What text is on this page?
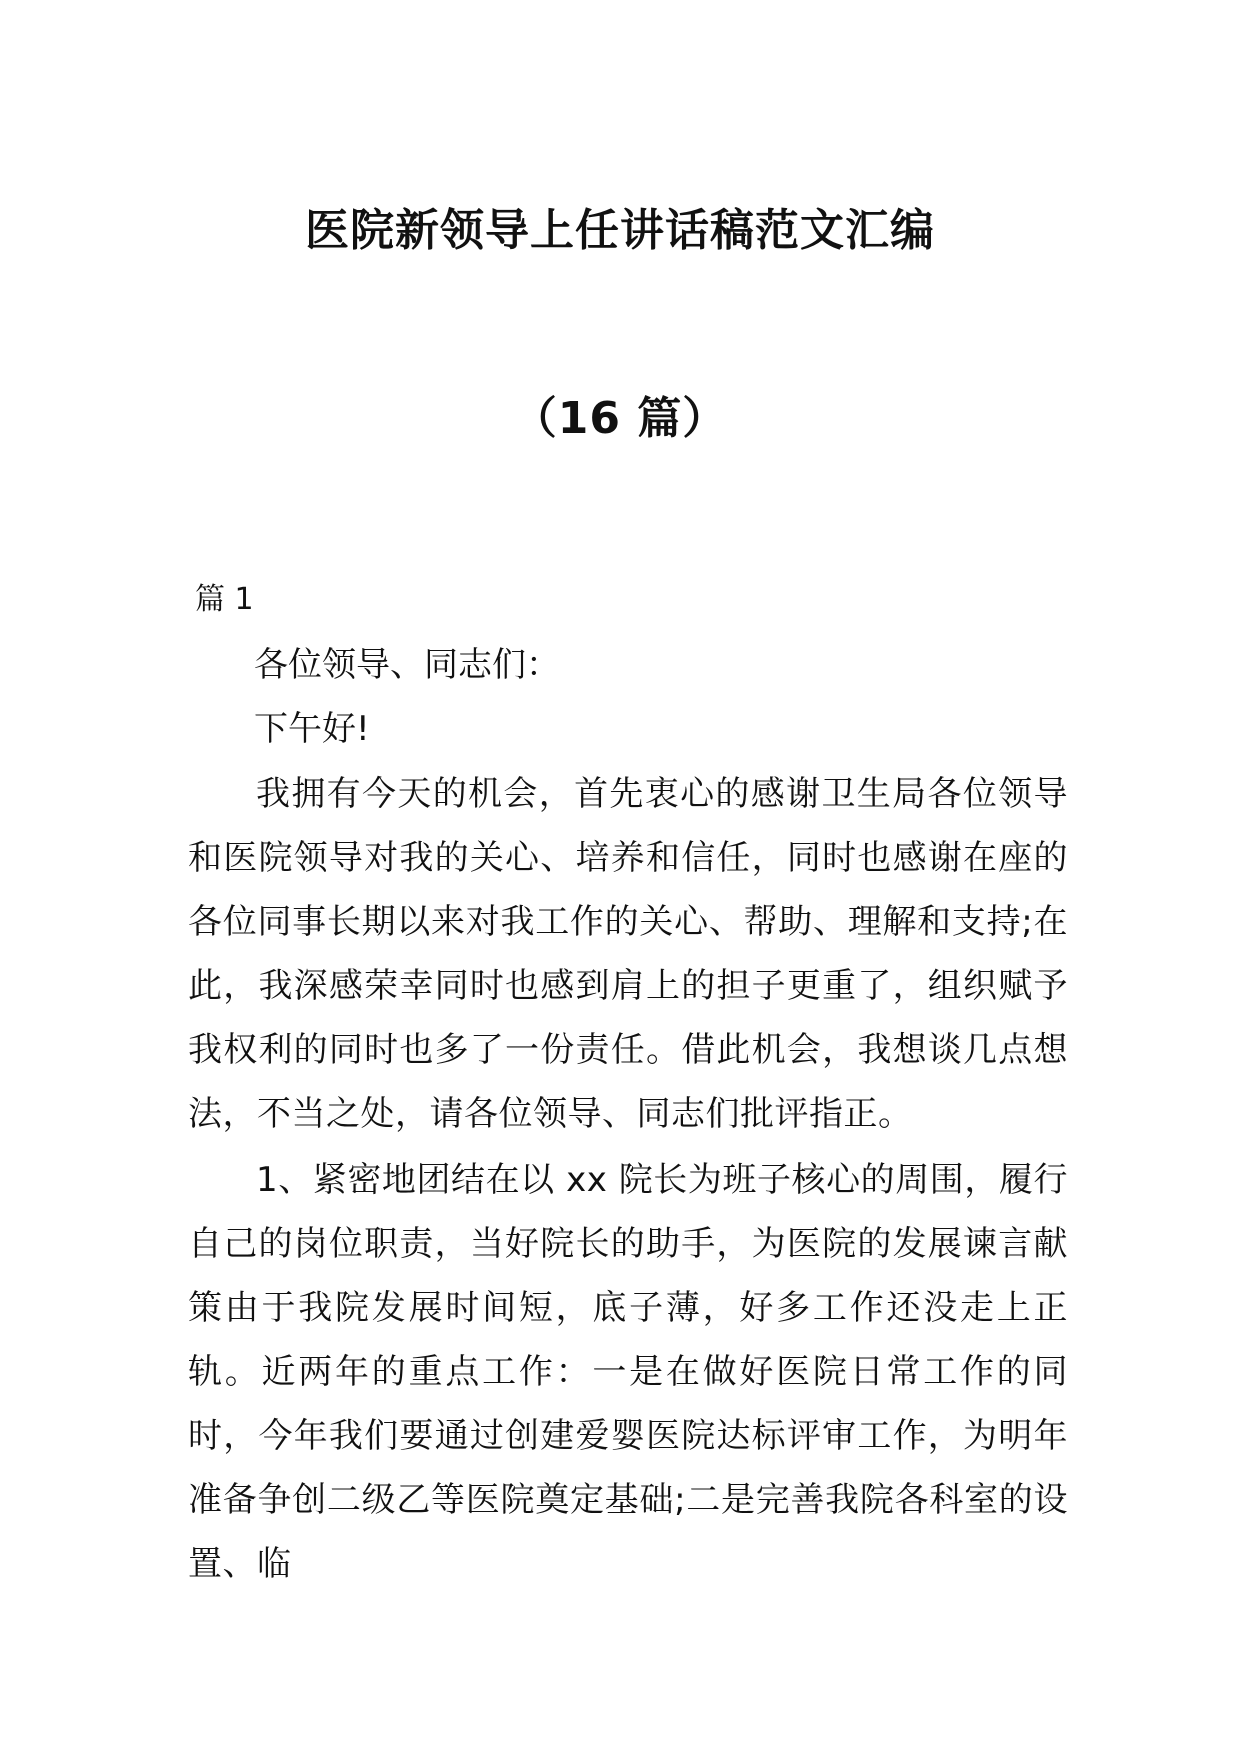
医院新领导上任讲话稿范文汇编
（16 篇）
篇 1
各位领导、同志们：
下午好!

我拥有今天的机会，首先衷心的感谢卫生局各位领导和医院领导对我的关心、培养和信任，同时也感谢在座的各位同事长期以来对我工作的关心、帮助、理解和支持;在此，我深感荣幸同时也感到肩上的担子更重了，组织赋予我权利的同时也多了一份责任。借此机会，我想谈几点想法，不当之处，请各位领导、同志们批评指正。

1、紧密地团结在以 xx 院长为班子核心的周围，履行自己的岗位职责，当好院长的助手，为医院的发展谏言献策由于我院发展时间短，底子薄，好多工作还没走上正轨。近两年的重点工作：一是在做好医院日常工作的同时，今年我们要通过创建爱婴医院达标评审工作，为明年准备争创二级乙等医院奠定基础;二是完善我院各科室的设置、临
